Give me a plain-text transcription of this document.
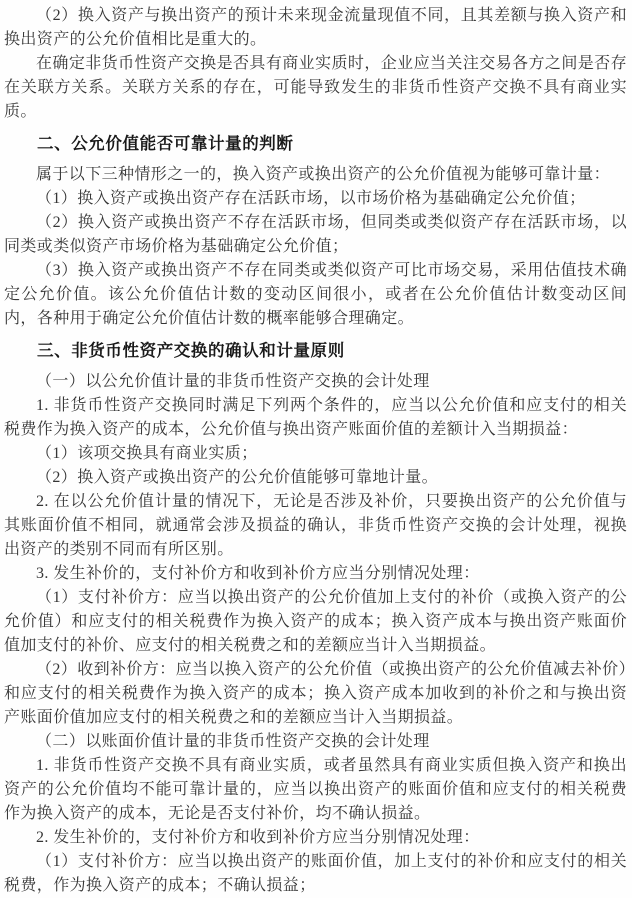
（2）换入资产与换出资产的预计未来现金流量现值不同，且其差额与换入资产和换出资产的公允价值相比是重大的。
在确定非货币性资产交换是否具有商业实质时，企业应当关注交易各方之间是否存在关联方关系。关联方关系的存在，可能导致发生的非货币性资产交换不具有商业实质。
二、公允价值能否可靠计量的判断
属于以下三种情形之一的，换入资产或换出资产的公允价值视为能够可靠计量：
（1）换入资产或换出资产存在活跃市场，以市场价格为基础确定公允价值；
（2）换入资产或换出资产不存在活跃市场，但同类或类似资产存在活跃市场，以同类或类似资产市场价格为基础确定公允价值；
（3）换入资产或换出资产不存在同类或类似资产可比市场交易，采用估值技术确定公允价值。该公允价值估计数的变动区间很小，或者在公允价值估计数变动区间内，各种用于确定公允价值估计数的概率能够合理确定。
三、非货币性资产交换的确认和计量原则
（一）以公允价值计量的非货币性资产交换的会计处理
1. 非货币性资产交换同时满足下列两个条件的，应当以公允价值和应支付的相关税费作为换入资产的成本，公允价值与换出资产账面价值的差额计入当期损益：
（1）该项交换具有商业实质；
（2）换入资产或换出资产的公允价值能够可靠地计量。
2. 在以公允价值计量的情况下，无论是否涉及补价，只要换出资产的公允价值与其账面价值不相同，就通常会涉及损益的确认，非货币性资产交换的会计处理，视换出资产的类别不同而有所区别。
3. 发生补价的，支付补价方和收到补价方应当分别情况处理：
（1）支付补价方：应当以换出资产的公允价值加上支付的补价（或换入资产的公允价值）和应支付的相关税费作为换入资产的成本；换入资产成本与换出资产账面价值加支付的补价、应支付的相关税费之和的差额应当计入当期损益。
（2）收到补价方：应当以换入资产的公允价值（或换出资产的公允价值减去补价）和应支付的相关税费作为换入资产的成本；换入资产成本加收到的补价之和与换出资产账面价值加应支付的相关税费之和的差额应当计入当期损益。
（二）以账面价值计量的非货币性资产交换的会计处理
1. 非货币性资产交换不具有商业实质，或者虽然具有商业实质但换入资产和换出资产的公允价值均不能可靠计量的，应当以换出资产的账面价值和应支付的相关税费作为换入资产的成本，无论是否支付补价，均不确认损益。
2. 发生补价的，支付补价方和收到补价方应当分别情况处理：
（1）支付补价方：应当以换出资产的账面价值，加上支付的补价和应支付的相关税费，作为换入资产的成本；不确认损益；
